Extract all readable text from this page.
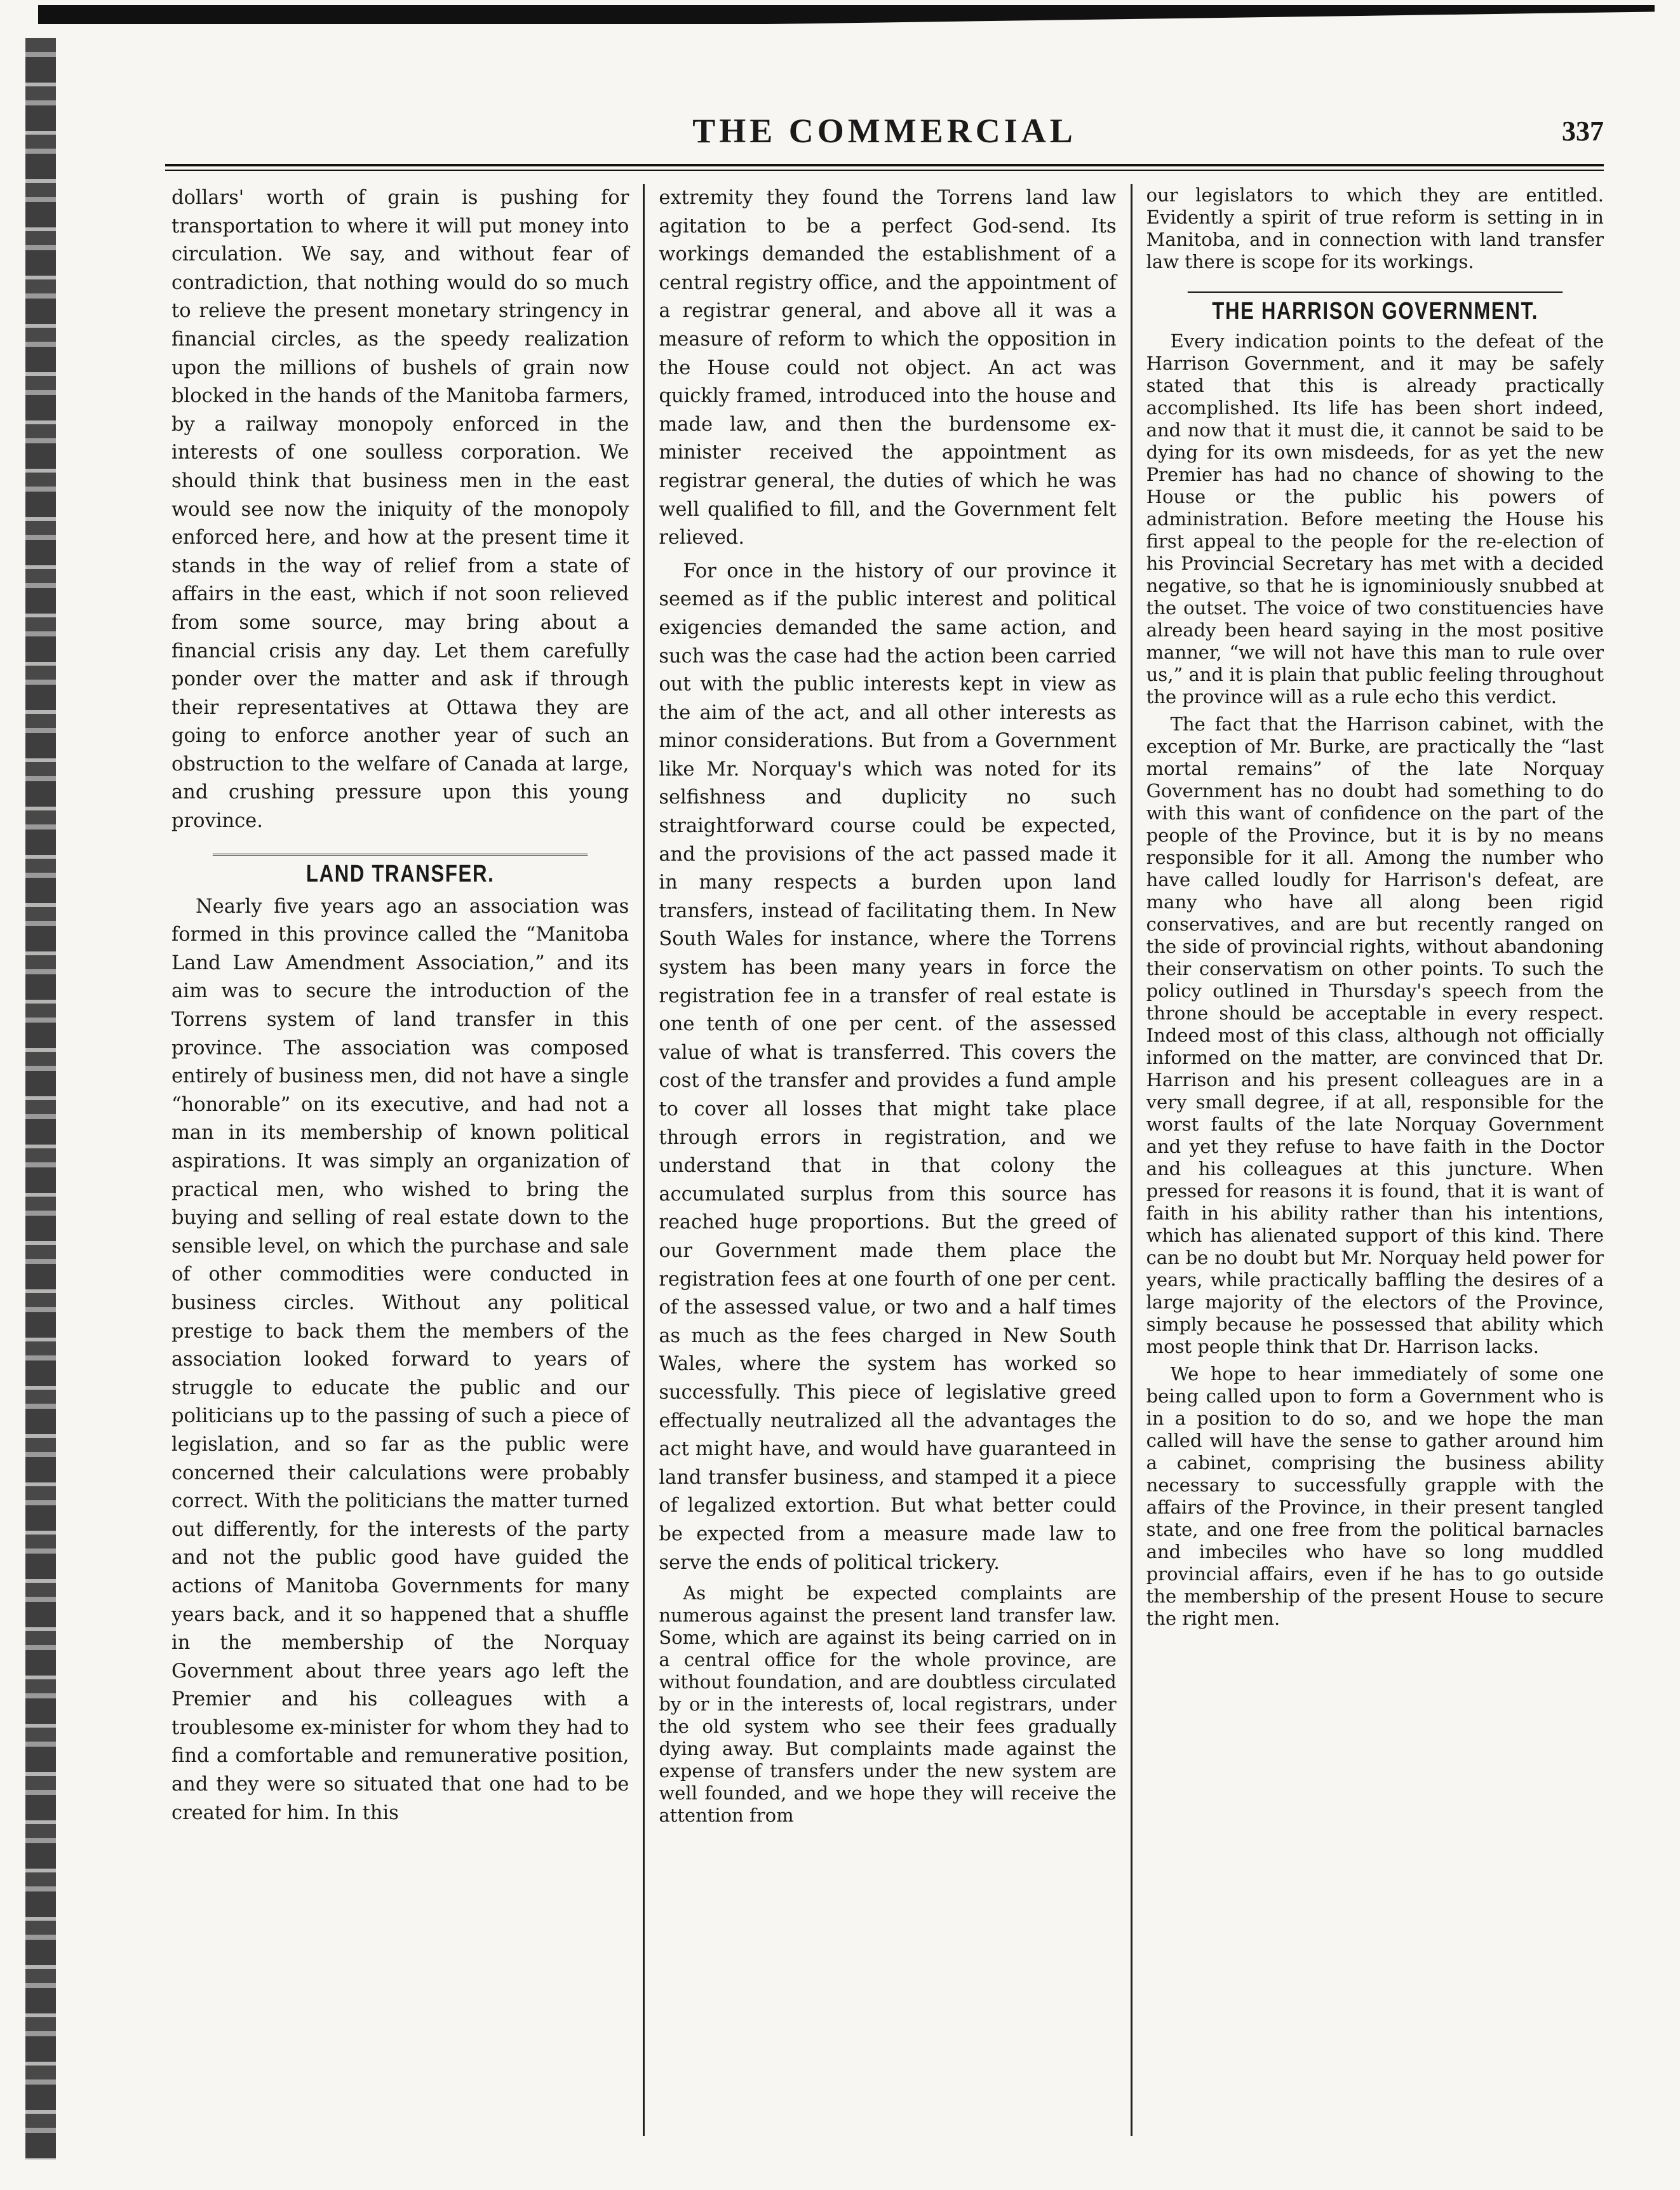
THE COMMERCIAL	337

dollars' worth of grain is pushing for transportation to where it will put money into circulation. We say, and without fear of contradiction, that nothing would do so much to relieve the present monetary stringency in financial circles, as the speedy realization upon the millions of bushels of grain now blocked in the hands of the Manitoba farmers, by a railway monopoly enforced in the interests of one soulless corporation. We should think that business men in the east would see now the iniquity of the monopoly enforced here, and how at the present time it stands in the way of relief from a state of affairs in the east, which if not soon relieved from some source, may bring about a financial crisis any day. Let them carefully ponder over the matter and ask if through their representatives at Ottawa they are going to enforce another year of such an obstruction to the welfare of Canada at large, and crushing pressure upon this young province.

LAND TRANSFER.

Nearly five years ago an association was formed in this province called the “Manitoba Land Law Amendment Association,” and its aim was to secure the introduction of the Torrens system of land transfer in this province. The association was composed entirely of business men, did not have a single “honorable” on its executive, and had not a man in its membership of known political aspirations. It was simply an organization of practical men, who wished to bring the buying and selling of real estate down to the sensible level, on which the purchase and sale of other commodities were conducted in business circles. Without any political prestige to back them the members of the association looked forward to years of struggle to educate the public and our politicians up to the passing of such a piece of legislation, and so far as the public were concerned their calculations were probably correct. With the politicians the matter turned out differently, for the interests of the party and not the public good have guided the actions of Manitoba Governments for many years back, and it so happened that a shuffle in the membership of the Norquay Government about three years ago left the Premier and his colleagues with a troublesome ex-minister for whom they had to find a comfortable and remunerative position, and they were so situated that one had to be created for him. In this

extremity they found the Torrens land law agitation to be a perfect God-send. Its workings demanded the establishment of a central registry office, and the appointment of a registrar general, and above all it was a measure of reform to which the opposition in the House could not object. An act was quickly framed, introduced into the house and made law, and then the burdensome ex-minister received the appointment as registrar general, the duties of which he was well qualified to fill, and the Government felt relieved.

For once in the history of our province it seemed as if the public interest and political exigencies demanded the same action, and such was the case had the action been carried out with the public interests kept in view as the aim of the act, and all other interests as minor considerations. But from a Government like Mr. Norquay's which was noted for its selfishness and duplicity no such straightforward course could be expected, and the provisions of the act passed made it in many respects a burden upon land transfers, instead of facilitating them. In New South Wales for instance, where the Torrens system has been many years in force the registration fee in a transfer of real estate is one tenth of one per cent. of the assessed value of what is transferred. This covers the cost of the transfer and provides a fund ample to cover all losses that might take place through errors in registration, and we understand that in that colony the accumulated surplus from this source has reached huge proportions. But the greed of our Government made them place the registration fees at one fourth of one per cent. of the assessed value, or two and a half times as much as the fees charged in New South Wales, where the system has worked so successfully. This piece of legislative greed effectually neutralized all the advantages the act might have, and would have guaranteed in land transfer business, and stamped it a piece of legalized extortion. But what better could be expected from a measure made law to serve the ends of political trickery.

As might be expected complaints are numerous against the present land transfer law. Some, which are against its being carried on in a central office for the whole province, are without foundation, and are doubtless circulated by or in the interests of, local registrars, under the old system who see their fees gradually dying away. But complaints made against the expense of transfers under the new system are well founded, and we hope they will receive the attention from

our legislators to which they are entitled. Evidently a spirit of true reform is setting in in Manitoba, and in connection with land transfer law there is scope for its workings.

THE HARRISON GOVERNMENT.

Every indication points to the defeat of the Harrison Government, and it may be safely stated that this is already practically accomplished. Its life has been short indeed, and now that it must die, it cannot be said to be dying for its own misdeeds, for as yet the new Premier has had no chance of showing to the House or the public his powers of administration. Before meeting the House his first appeal to the people for the re-election of his Provincial Secretary has met with a decided negative, so that he is ignominiously snubbed at the outset. The voice of two constituencies have already been heard saying in the most positive manner, “we will not have this man to rule over us,” and it is plain that public feeling throughout the province will as a rule echo this verdict.

The fact that the Harrison cabinet, with the exception of Mr. Burke, are practically the “last mortal remains” of the late Norquay Government has no doubt had something to do with this want of confidence on the part of the people of the Province, but it is by no means responsible for it all. Among the number who have called loudly for Harrison's defeat, are many who have all along been rigid conservatives, and are but recently ranged on the side of provincial rights, without abandoning their conservatism on other points. To such the policy outlined in Thursday's speech from the throne should be acceptable in every respect. Indeed most of this class, although not officially informed on the matter, are convinced that Dr. Harrison and his present colleagues are in a very small degree, if at all, responsible for the worst faults of the late Norquay Government and yet they refuse to have faith in the Doctor and his colleagues at this juncture. When pressed for reasons it is found, that it is want of faith in his ability rather than his intentions, which has alienated support of this kind. There can be no doubt but Mr. Norquay held power for years, while practically baffling the desires of a large majority of the electors of the Province, simply because he possessed that ability which most people think that Dr. Harrison lacks.

We hope to hear immediately of some one being called upon to form a Government who is in a position to do so, and we hope the man called will have the sense to gather around him a cabinet, comprising the business ability necessary to successfully grapple with the affairs of the Province, in their present tangled state, and one free from the political barnacles and imbeciles who have so long muddled provincial affairs, even if he has to go outside the membership of the present House to secure the right men.
